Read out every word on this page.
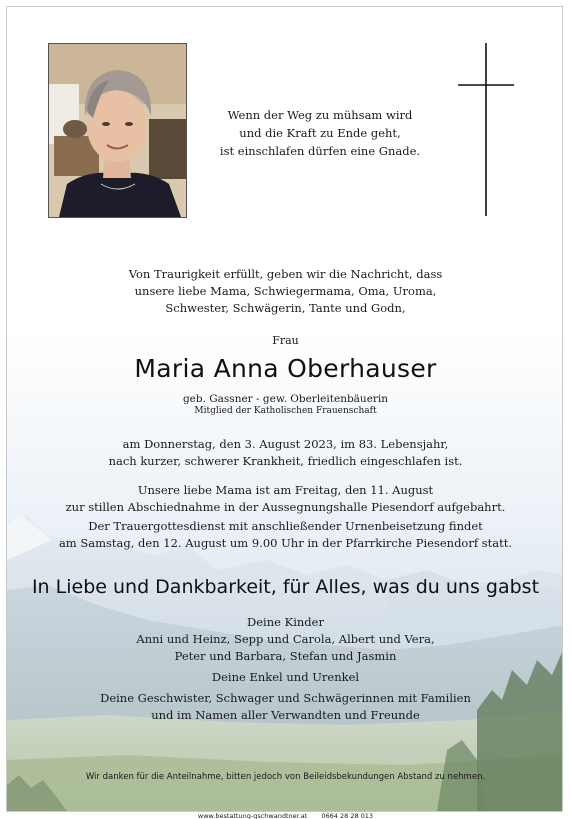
Wenn der Weg zu mühsam wird
und die Kraft zu Ende geht,
ist einschlafen dürfen eine Gnade.
Von Traurigkeit erfüllt, geben wir die Nachricht, dass
unsere liebe Mama, Schwiegermama, Oma, Uroma,
Schwester, Schwägerin, Tante und Godn,
Frau
Maria Anna Oberhauser
geb. Gassner - gew. Oberleitenbäuerin
Mitglied der Katholischen Frauenschaft
am Donnerstag, den 3. August 2023, im 83. Lebensjahr,
nach kurzer, schwerer Krankheit, friedlich eingeschlafen ist.
Unsere liebe Mama ist am Freitag, den 11. August
zur stillen Abschiednahme in der Aussegnungshalle Piesendorf aufgebahrt.
Der Trauergottesdienst mit anschließender Urnenbeisetzung findet
am Samstag, den 12. August um 9.00 Uhr in der Pfarrkirche Piesendorf statt.
In Liebe und Dankbarkeit, für Alles, was du uns gabst
Deine Kinder
Anni und Heinz, Sepp und Carola, Albert und Vera,
Peter und Barbara, Stefan und Jasmin
Deine Enkel und Urenkel
Deine Geschwister, Schwager und Schwägerinnen mit Familien
und im Namen aller Verwandten und Freunde
Wir danken für die Anteilnahme, bitten jedoch von Beileidsbekundungen Abstand zu nehmen.
www.bestattung-gschwandtner.at 0664 28 28 013
